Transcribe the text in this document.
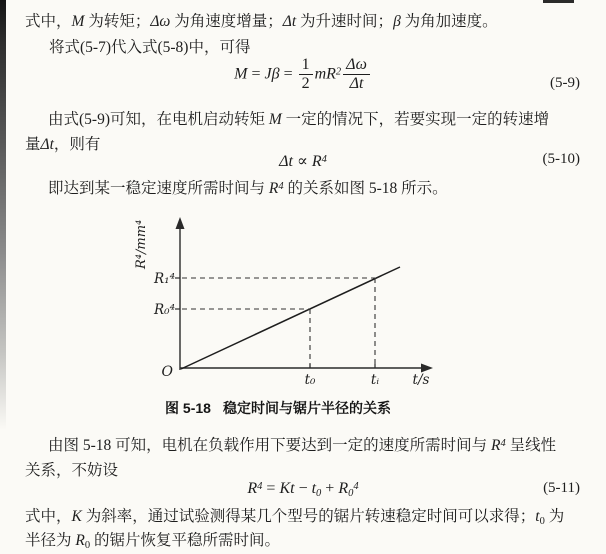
式中，M 为转矩；Δω 为角速度增量；Δt 为升速时间；β 为角加速度。
将式(5-7)代入式(5-8)中，可得
$M = J\beta = \frac{1}{2} mR^2 \frac{\Delta\omega}{\Delta t}$	(5-9)
由式(5-9)可知，在电机启动转矩 M 一定的情况下，若要实现一定的转速增
量Δt，则有
$\Delta t \propto R^4$	(5-10)
即达到某一稳定速度所需时间与 $R^4$ 的关系如图 5-18 所示。
R⁴/mm⁴
R₁⁴
R₀⁴
O	t₀	tᵢ t/s
图 5-18 稳定时间与锯片半径的关系
由图 5-18 可知，电机在负载作用下要达到一定的速度所需时间与 $R^4$ 呈线性
关系，不妨设
$R^4 = Kt - t_0 + R_0^4$	(5-11)
式中，K 为斜率，通过试验测得某几个型号的锯片转速稳定时间可以求得；$t_0$ 为
半径为 $R_0$ 的锯片恢复平稳所需时间。
